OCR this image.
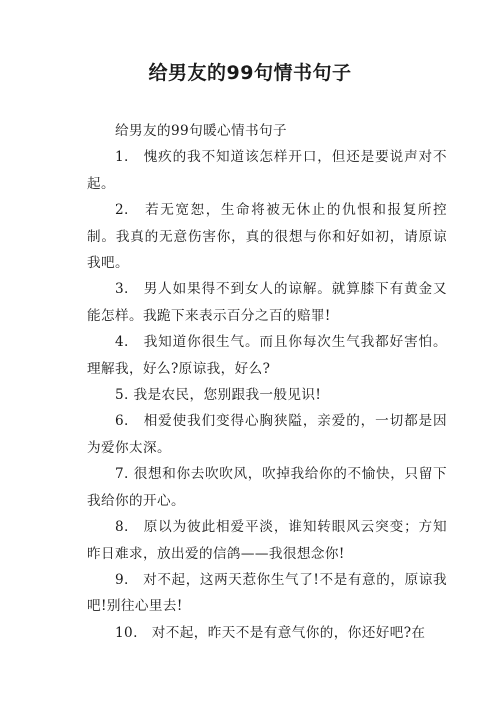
给男友的99句情书句子

给男友的99句暖心情书句子

1.　愧疚的我不知道该怎样开口，但还是要说声对不起。

2.　若无宽恕，生命将被无休止的仇恨和报复所控制。我真的无意伤害你，真的很想与你和好如初，请原谅我吧。

3.　男人如果得不到女人的谅解。就算膝下有黄金又能怎样。我跪下来表示百分之百的赔罪!

4.　我知道你很生气。而且你每次生气我都好害怕。理解我，好么?原谅我，好么?

5. 我是农民，您别跟我一般见识!

6.　相爱使我们变得心胸狭隘，亲爱的，一切都是因为爱你太深。

7. 很想和你去吹吹风，吹掉我给你的不愉快，只留下我给你的开心。

8.　原以为彼此相爱平淡，谁知转眼风云突变；方知昨日难求，放出爱的信鸽——我很想念你!

9.　对不起，这两天惹你生气了!不是有意的，原谅我吧!别往心里去!

10.　对不起，昨天不是有意气你的，你还好吧?在
